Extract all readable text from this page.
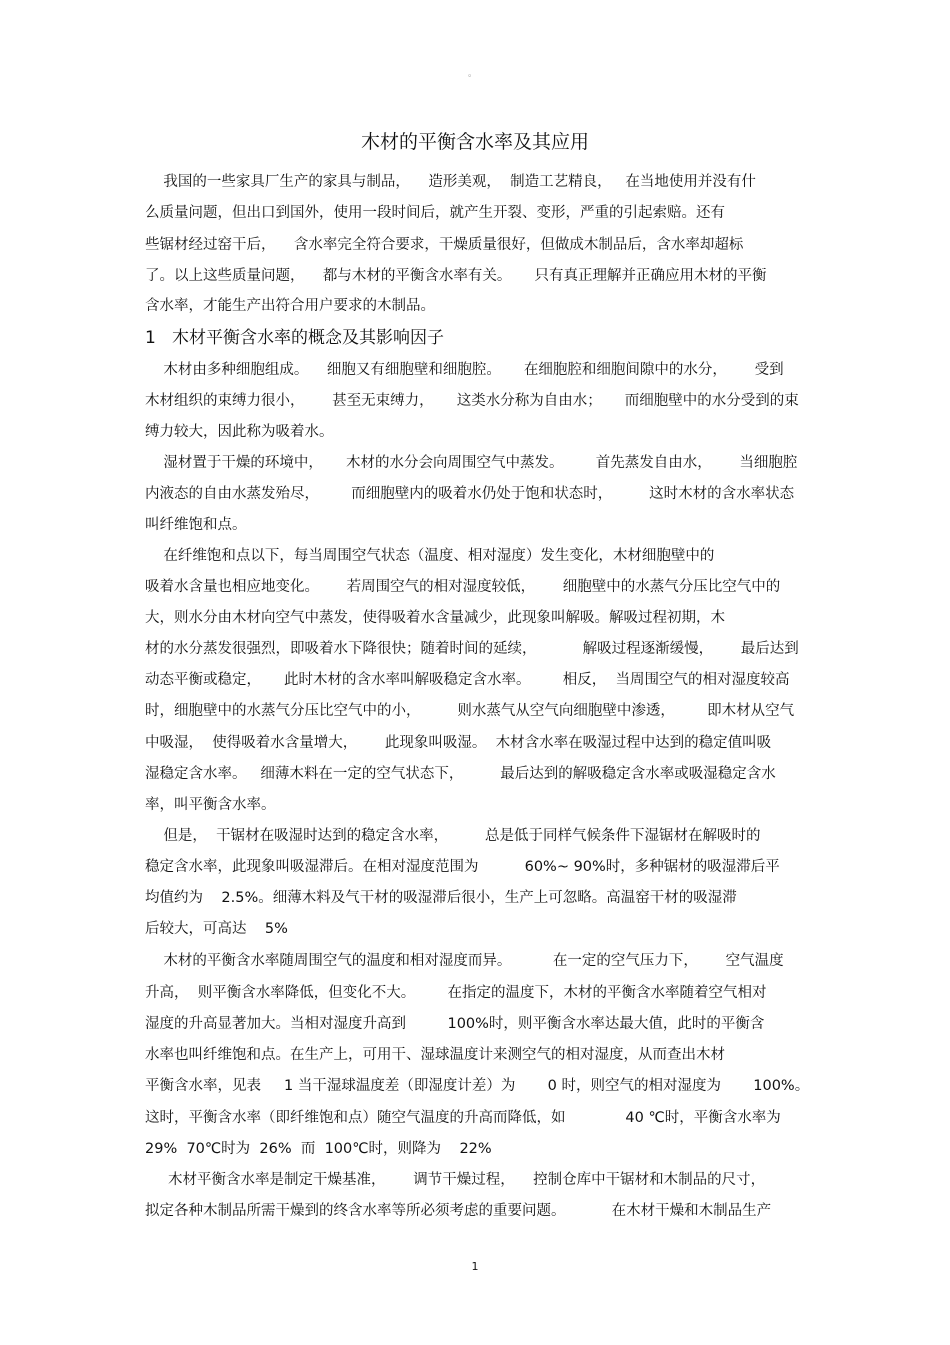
。
木材的平衡含水率及其应用
我国的一些家具厂生产的家具与制品，    造形美观，  制造工艺精良，   在当地使用并没有什
么质量问题，但出口到国外，使用一段时间后，就产生开裂、变形，严重的引起索赔。还有
些锯材经过窑干后，    含水率完全符合要求，干燥质量很好，但做成木制品后，含水率却超标
了。以上这些质量问题，    都与木材的平衡含水率有关。     只有真正理解并正确应用木材的平衡
含水率，才能生产出符合用户要求的木制品。
1   木材平衡含水率的概念及其影响因子
木材由多种细胞组成。    细胞又有细胞壁和细胞腔。     在细胞腔和细胞间隙中的水分，      受到
木材组织的束缚力很小，      甚至无束缚力，     这类水分称为自由水；     而细胞壁中的水分受到的束
缚力较大，因此称为吸着水。
湿材置于干燥的环境中，     木材的水分会向周围空气中蒸发。       首先蒸发自由水，      当细胞腔
内液态的自由水蒸发殆尽，       而细胞壁内的吸着水仍处于饱和状态时，        这时木材的含水率状态
叫纤维饱和点。
在纤维饱和点以下，每当周围空气状态（温度、相对湿度）发生变化，木材细胞壁中的
吸着水含量也相应地变化。      若周围空气的相对湿度较低，      细胞壁中的水蒸气分压比空气中的
大，则水分由木材向空气中蒸发，使得吸着水含量减少，此现象叫解吸。解吸过程初期，木
材的水分蒸发很强烈，即吸着水下降很快；随着时间的延续，          解吸过程逐渐缓慢，      最后达到
动态平衡或稳定，     此时木材的含水率叫解吸稳定含水率。       相反，  当周围空气的相对湿度较高
时，细胞壁中的水蒸气分压比空气中的小，        则水蒸气从空气向细胞壁中渗透，       即木材从空气
中吸湿，  使得吸着水含量增大，      此现象叫吸湿。  木材含水率在吸湿过程中达到的稳定值叫吸
湿稳定含水率。   细薄木料在一定的空气状态下，        最后达到的解吸稳定含水率或吸湿稳定含水
率，叫平衡含水率。
但是，  干锯材在吸湿时达到的稳定含水率，        总是低于同样气候条件下湿锯材在解吸时的
稳定含水率，此现象叫吸湿滞后。在相对湿度范围为          60%~ 90%时，多种锯材的吸湿滞后平
均值约为    2.5%。细薄木料及气干材的吸湿滞后很小，生产上可忽略。高温窑干材的吸湿滞
后较大，可高达    5%
木材的平衡含水率随周围空气的温度和相对湿度而异。         在一定的空气压力下，      空气温度
升高，  则平衡含水率降低，但变化不大。       在指定的温度下，木材的平衡含水率随着空气相对
湿度的升高显著加大。当相对湿度升高到         100%时，则平衡含水率达最大值，此时的平衡含
水率也叫纤维饱和点。在生产上，可用干、湿球温度计来测空气的相对湿度，从而查出木材
平衡含水率，见表     1 当干湿球温度差（即湿度计差）为       0 时，则空气的相对湿度为       100%。
这时，平衡含水率（即纤维饱和点）随空气温度的升高而降低，如             40 ℃时，平衡含水率为
29%  70℃时为  26%  而  100℃时，则降为    22%
木材平衡含水率是制定干燥基准，      调节干燥过程，    控制仓库中干锯材和木制品的尺寸，
拟定各种木制品所需干燥到的终含水率等所必须考虑的重要问题。          在木材干燥和木制品生产
1
